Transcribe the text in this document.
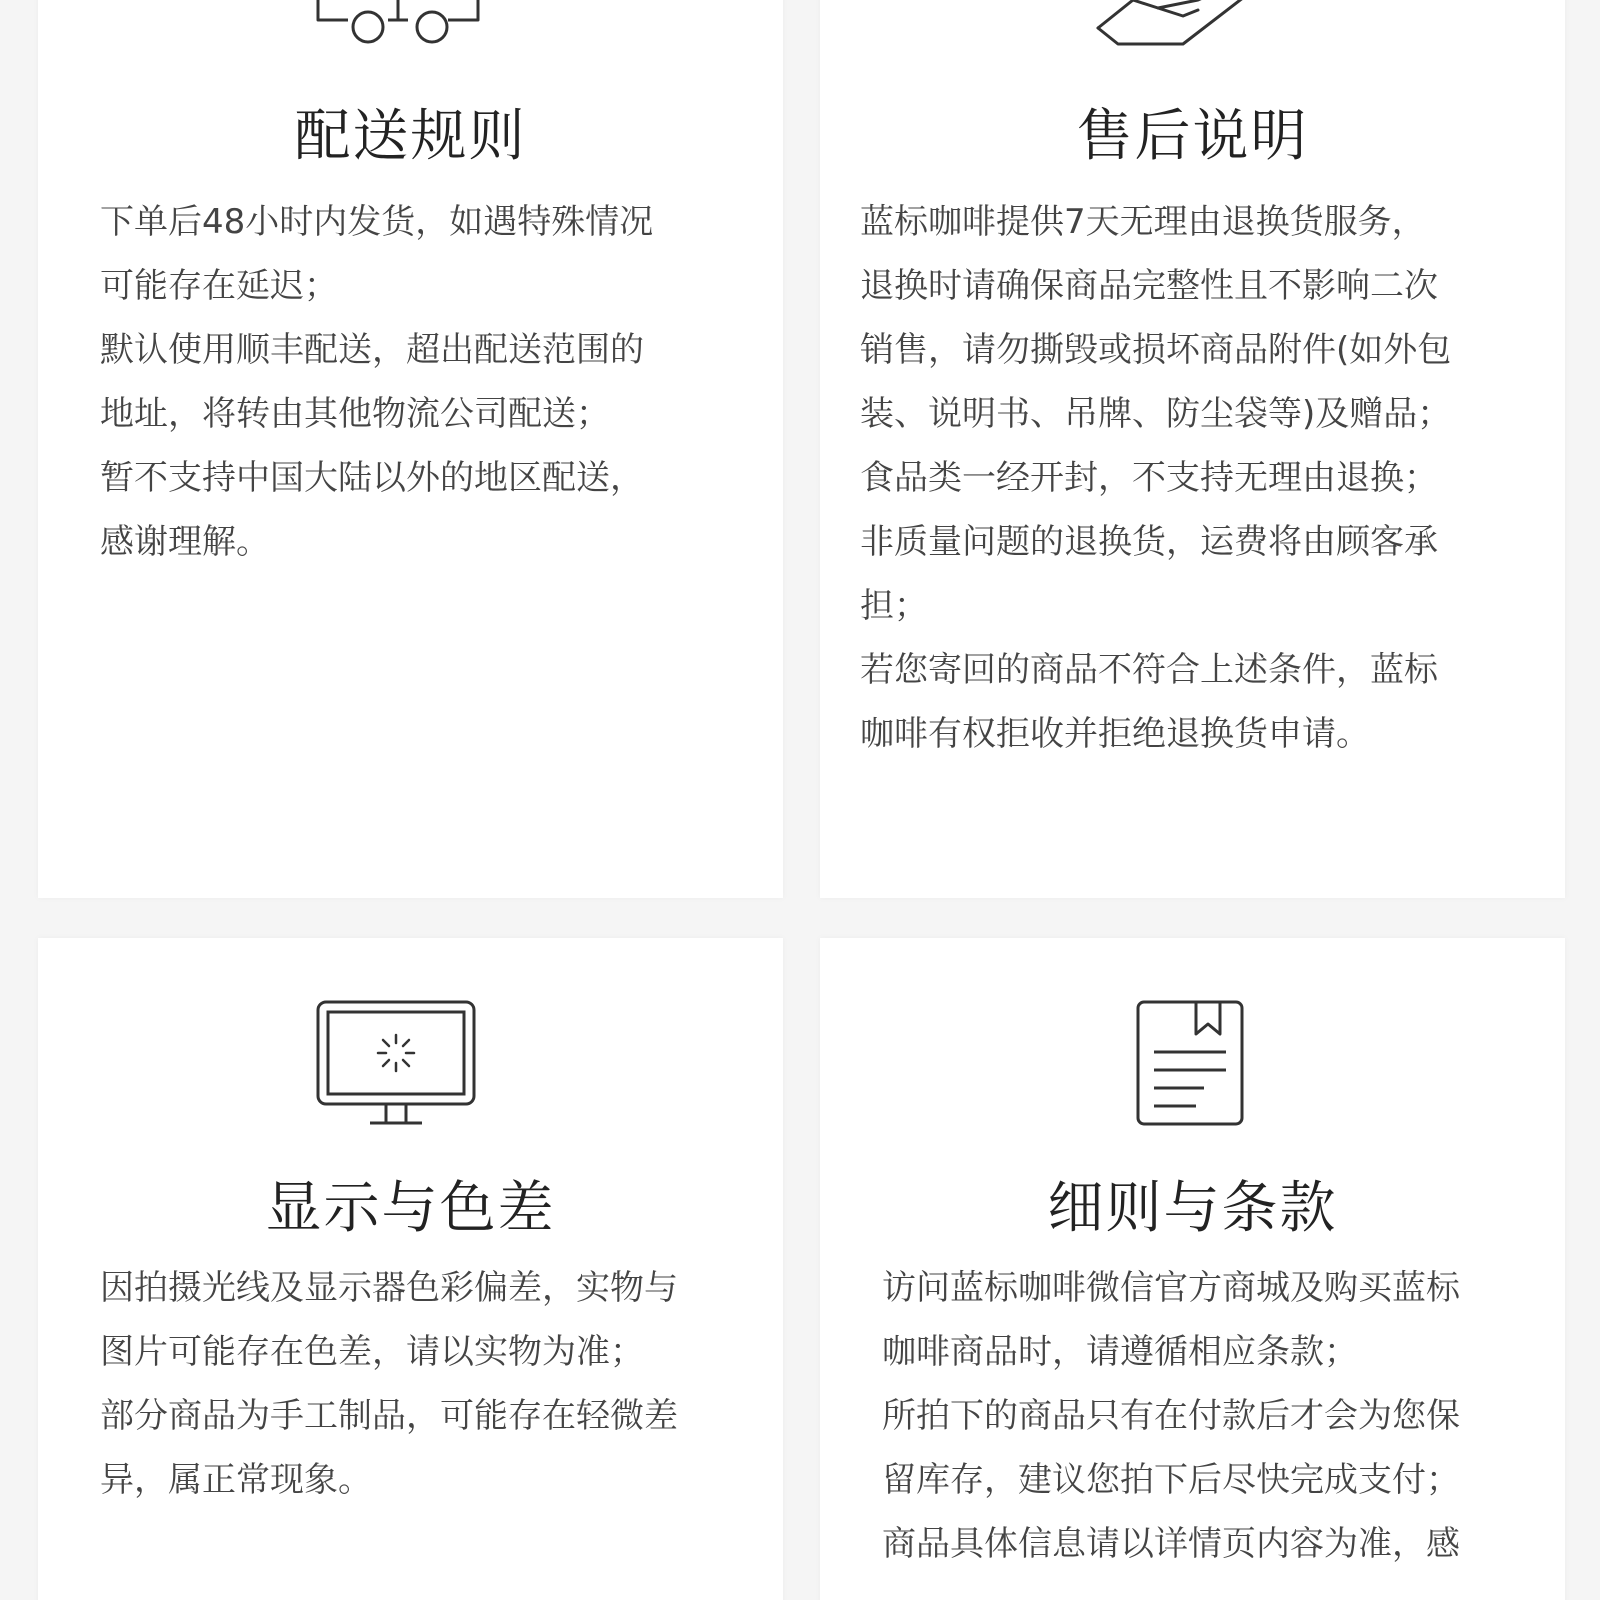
配送规则
下单后48小时内发货，如遇特殊情况
可能存在延迟；
默认使用顺丰配送，超出配送范围的
地址，将转由其他物流公司配送；
暂不支持中国大陆以外的地区配送，
感谢理解。
售后说明
蓝标咖啡提供7天无理由退换货服务，
退换时请确保商品完整性且不影响二次
销售，请勿撕毁或损坏商品附件(如外包
装、说明书、吊牌、防尘袋等)及赠品；
食品类一经开封，不支持无理由退换；
非质量问题的退换货，运费将由顾客承
担；
若您寄回的商品不符合上述条件，蓝标
咖啡有权拒收并拒绝退换货申请。
显示与色差
因拍摄光线及显示器色彩偏差，实物与
图片可能存在色差，请以实物为准；
部分商品为手工制品，可能存在轻微差
异，属正常现象。
细则与条款
访问蓝标咖啡微信官方商城及购买蓝标
咖啡商品时，请遵循相应条款；
所拍下的商品只有在付款后才会为您保
留库存，建议您拍下后尽快完成支付；
商品具体信息请以详情页内容为准，感
